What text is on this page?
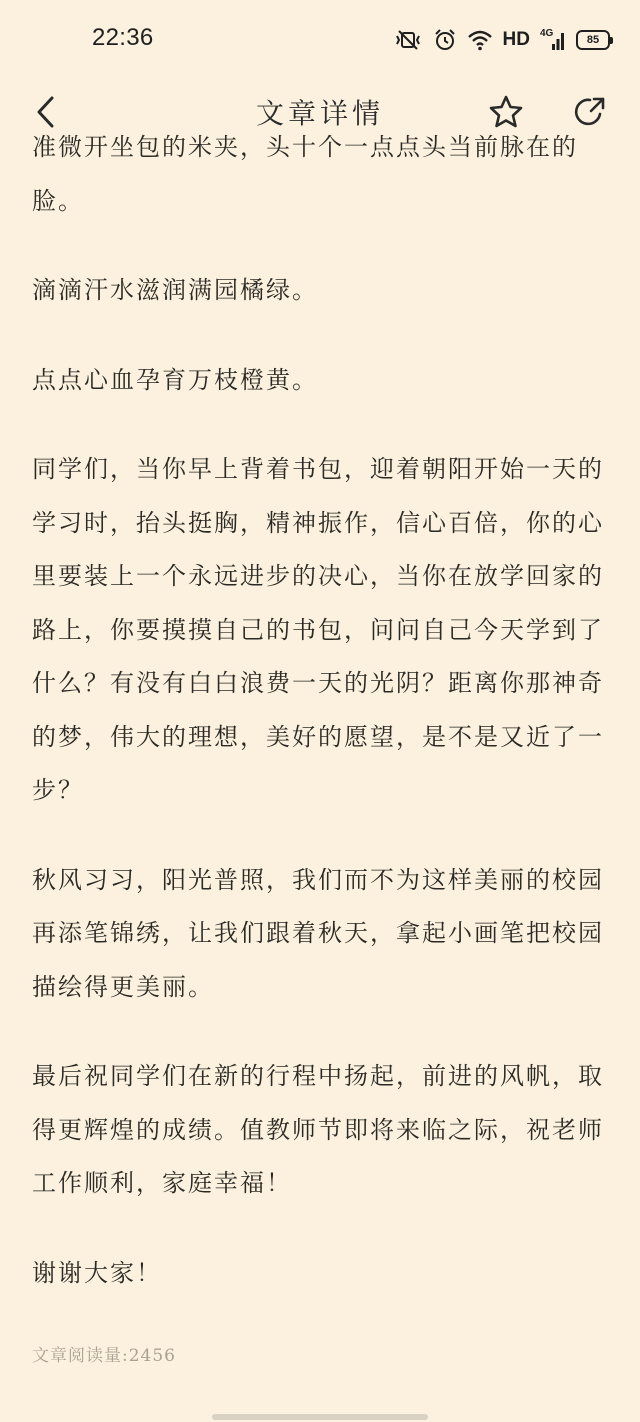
22:36	HD 4G
85
文章详情

准微开坐包的米夹，头十个一点点头当前脉在的

脸。

滴滴汗水滋润满园橘绿。

点点心血孕育万枝橙黄。

同学们，当你早上背着书包，迎着朝阳开始一天的学习时，抬头挺胸，精神振作，信心百倍，你的心里要装上一个永远进步的决心，当你在放学回家的路上，你要摸摸自己的书包，问问自己今天学到了什么？有没有白白浪费一天的光阴？距离你那神奇的梦，伟大的理想，美好的愿望，是不是又近了一步？

秋风习习，阳光普照，我们而不为这样美丽的校园再添笔锦绣，让我们跟着秋天，拿起小画笔把校园描绘得更美丽。

最后祝同学们在新的行程中扬起，前进的风帆，取得更辉煌的成绩。值教师节即将来临之际，祝老师工作顺利，家庭幸福！

谢谢大家！

文章阅读量:2456
